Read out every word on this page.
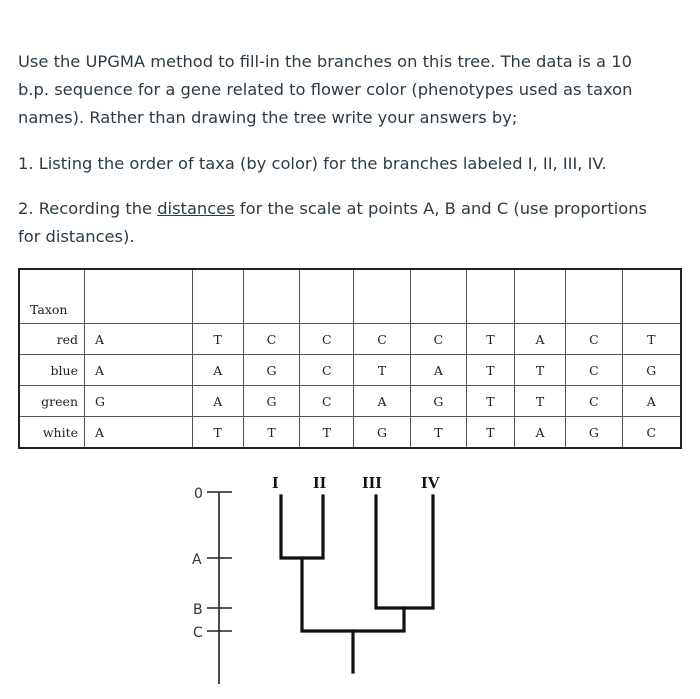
Use the UPGMA method to fill-in the branches on this tree. The data is a 10
b.p. sequence for a gene related to flower color (phenotypes used as taxon
names). Rather than drawing the tree write your answers by;

1. Listing the order of taxa (by color) for the branches labeled I, II, III, IV.

2. Recording the distances for the scale at points A, B and C (use proportions
for distances).

Taxon										
red	A	T	C	C	C	C	T	A	C	T
blue	A	A	G	C	T	A	T	T	C	G
green	G	A	G	C	A	G	T	T	C	A
white	A	T	T	T	G	T	T	A	G	C
0
A
B
C
I II III IV
